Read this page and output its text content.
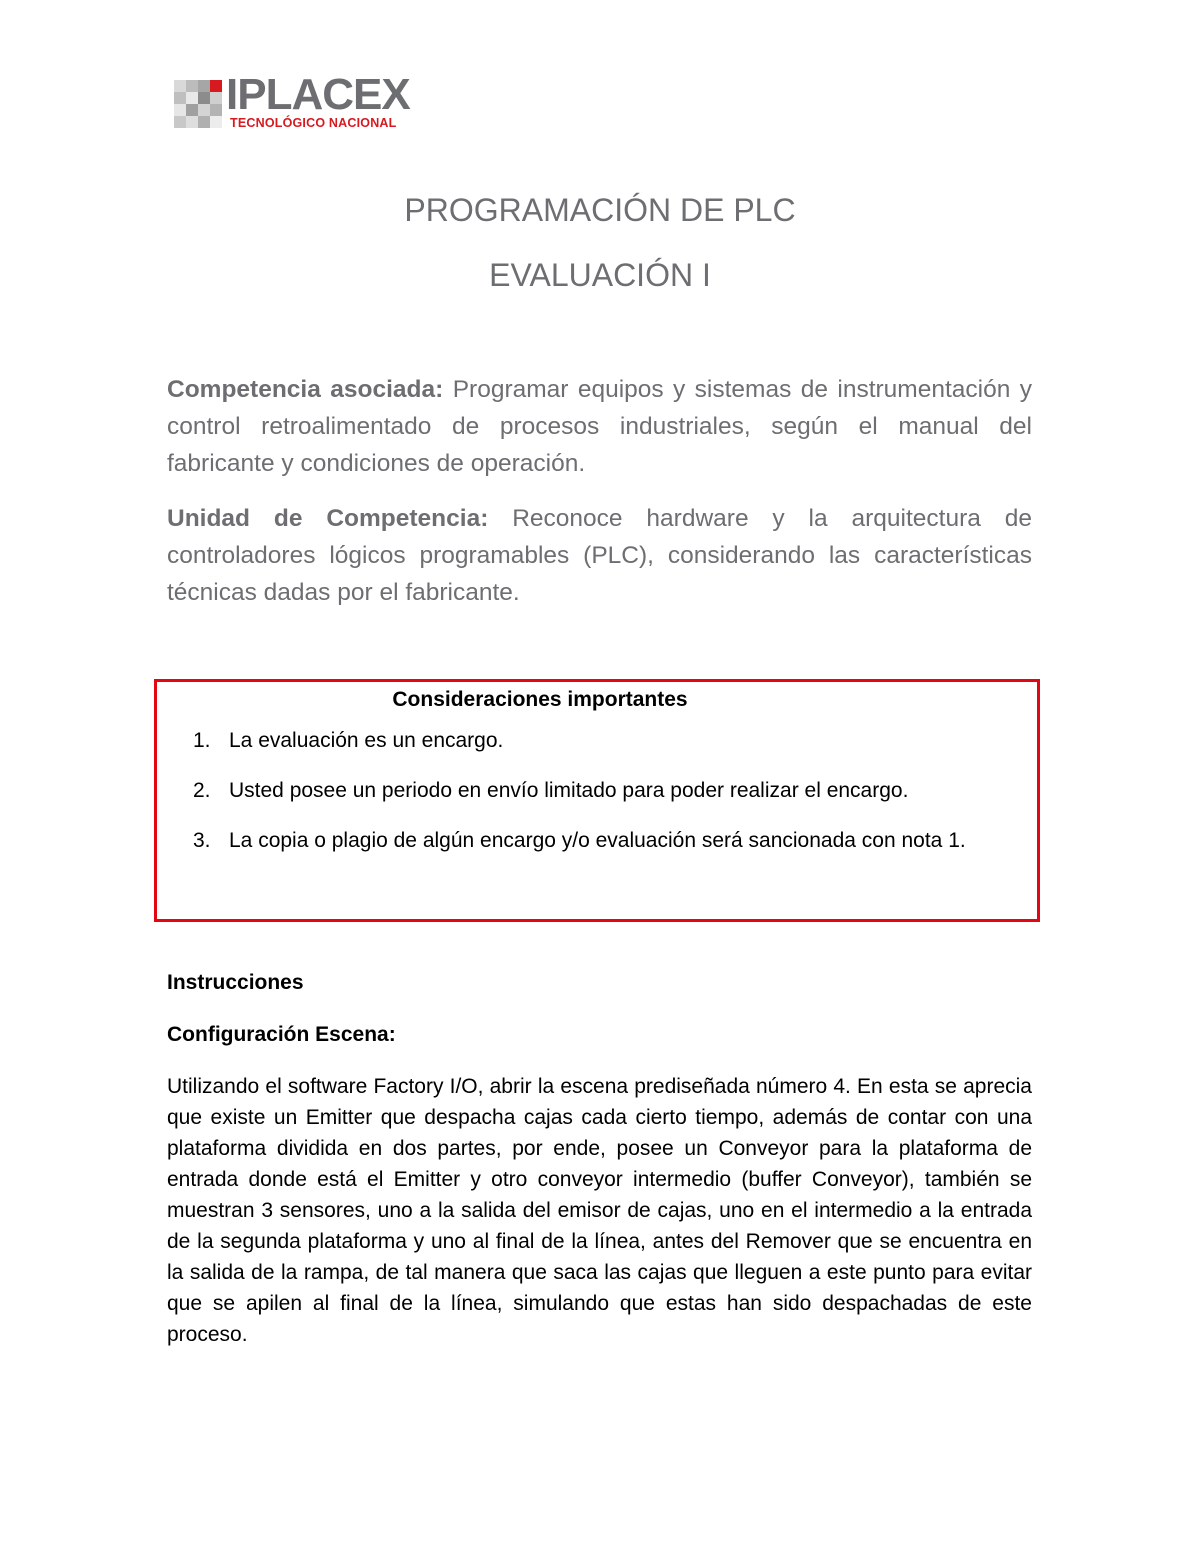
IPLACEX
TECNOLÓGICO NACIONAL
PROGRAMACIÓN DE PLC
EVALUACIÓN I
Competencia asociada: Programar equipos y sistemas de instrumentación y control retroalimentado de procesos industriales, según el manual del fabricante y condiciones de operación.
Unidad de Competencia: Reconoce hardware y la arquitectura de controladores lógicos programables (PLC), considerando las características técnicas dadas por el fabricante.
Consideraciones importantes
1. La evaluación es un encargo.
2. Usted posee un periodo en envío limitado para poder realizar el encargo.
3. La copia o plagio de algún encargo y/o evaluación será sancionada con nota 1.
Instrucciones
Configuración Escena:
Utilizando el software Factory I/O, abrir la escena prediseñada número 4. En esta se aprecia que existe un Emitter que despacha cajas cada cierto tiempo, además de contar con una plataforma dividida en dos partes, por ende, posee un Conveyor para la plataforma de entrada donde está el Emitter y otro conveyor intermedio (buffer Conveyor), también se muestran 3 sensores, uno a la salida del emisor de cajas, uno en el intermedio a la entrada de la segunda plataforma y uno al final de la línea, antes del Remover que se encuentra en la salida de la rampa, de tal manera que saca las cajas que lleguen a este punto para evitar que se apilen al final de la línea, simulando que estas han sido despachadas de este proceso.
